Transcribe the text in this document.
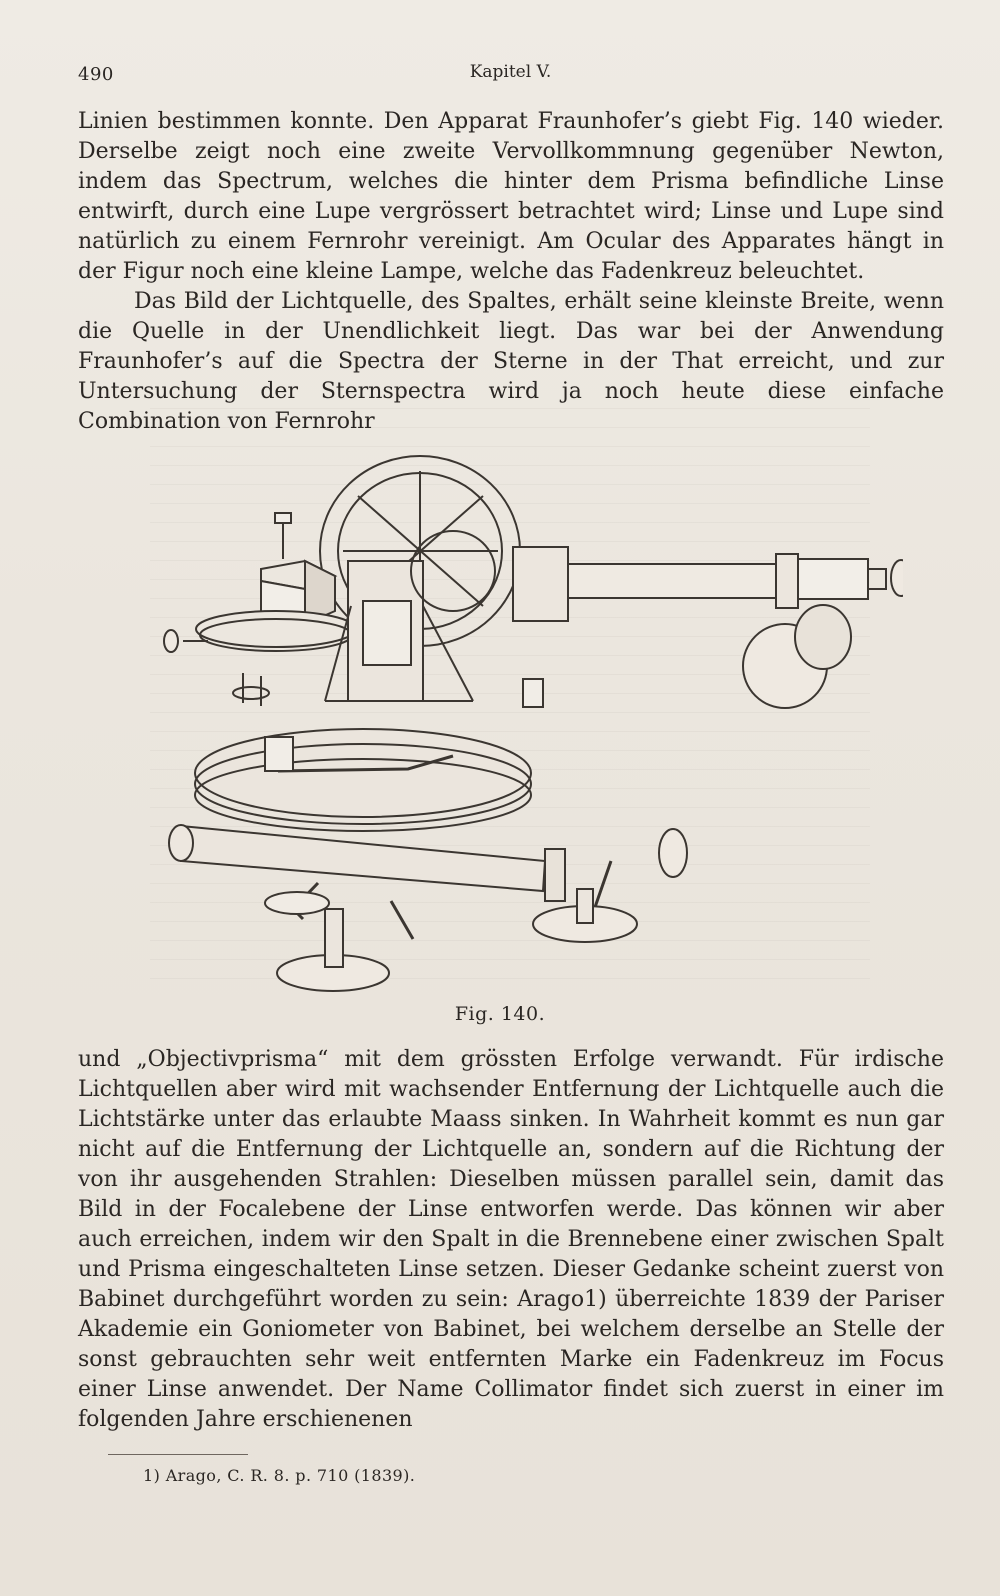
490	Kapitel V.

Linien bestimmen konnte. Den Apparat Fraunhofer’s giebt Fig. 140 wieder. Derselbe zeigt noch eine zweite Vervollkommnung gegenüber Newton, indem das Spectrum, welches die hinter dem Prisma befindliche Linse entwirft, durch eine Lupe vergrössert betrachtet wird; Linse und Lupe sind natürlich zu einem Fernrohr vereinigt. Am Ocular des Apparates hängt in der Figur noch eine kleine Lampe, welche das Fadenkreuz beleuchtet.

Das Bild der Lichtquelle, des Spaltes, erhält seine kleinste Breite, wenn die Quelle in der Unendlichkeit liegt. Das war bei der Anwendung Fraunhofer’s auf die Spectra der Sterne in der That erreicht, und zur Untersuchung der Sternspectra wird ja noch heute diese einfache Combination von Fernrohr

Fig. 140.

und „Objectivprisma“ mit dem grössten Erfolge verwandt. Für irdische Lichtquellen aber wird mit wachsender Entfernung der Lichtquelle auch die Lichtstärke unter das erlaubte Maass sinken. In Wahrheit kommt es nun gar nicht auf die Entfernung der Lichtquelle an, sondern auf die Richtung der von ihr ausgehenden Strahlen: Dieselben müssen parallel sein, damit das Bild in der Focalebene der Linse entworfen werde. Das können wir aber auch erreichen, indem wir den Spalt in die Brennebene einer zwischen Spalt und Prisma eingeschalteten Linse setzen. Dieser Gedanke scheint zuerst von Babinet durchgeführt worden zu sein: Arago1) überreichte 1839 der Pariser Akademie ein Goniometer von Babinet, bei welchem derselbe an Stelle der sonst gebrauchten sehr weit entfernten Marke ein Fadenkreuz im Focus einer Linse anwendet. Der Name Collimator findet sich zuerst in einer im folgenden Jahre erschienenen

1) Arago, C. R. 8. p. 710 (1839).
